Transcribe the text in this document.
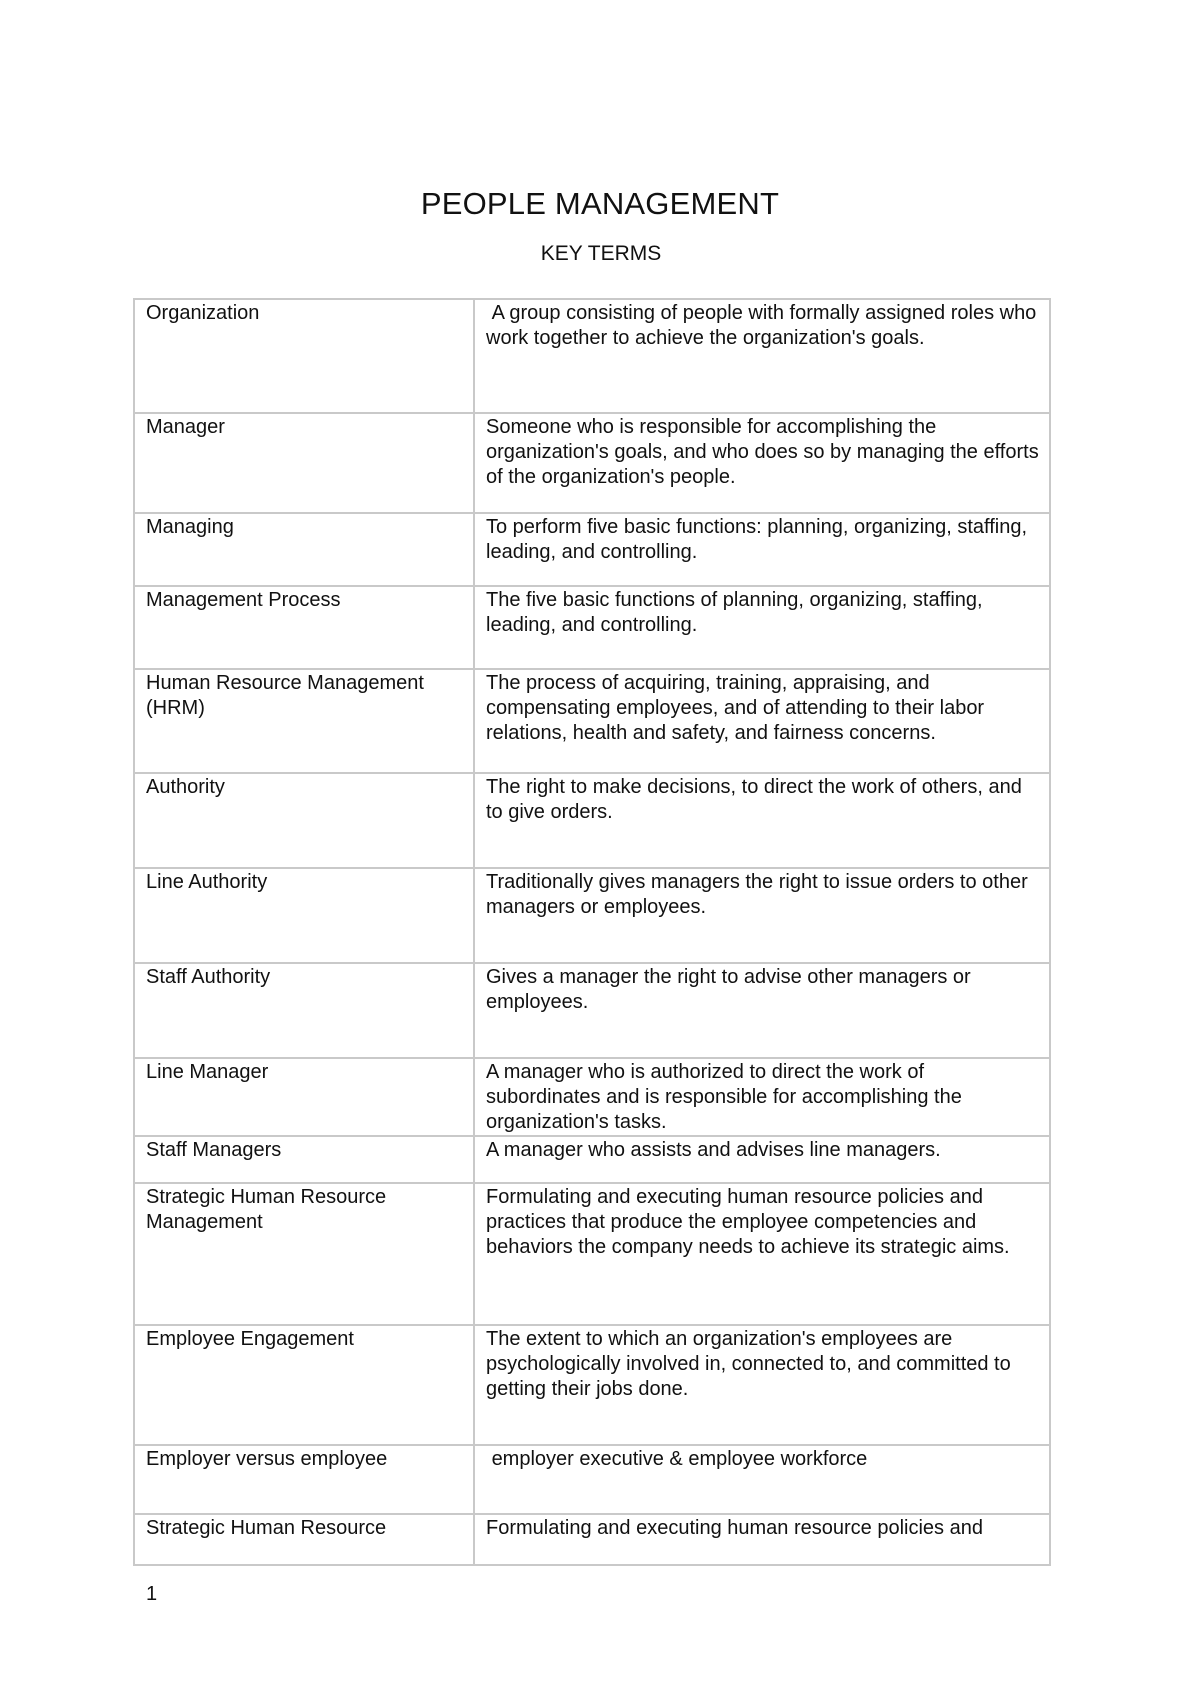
PEOPLE MANAGEMENT
KEY TERMS
Organization	A group consisting of people with formally assigned roles who work together to achieve the organization's goals.
Manager	Someone who is responsible for accomplishing the organization's goals, and who does so by managing the efforts of the organization's people.
Managing	To perform five basic functions: planning, organizing, staffing, leading, and controlling.
Management Process	The five basic functions of planning, organizing, staffing, leading, and controlling.
Human Resource Management (HRM)	The process of acquiring, training, appraising, and compensating employees, and of attending to their labor relations, health and safety, and fairness concerns.
Authority	The right to make decisions, to direct the work of others, and to give orders.
Line Authority	Traditionally gives managers the right to issue orders to other managers or employees.
Staff Authority	Gives a manager the right to advise other managers or employees.
Line Manager	A manager who is authorized to direct the work of subordinates and is responsible for accomplishing the organization's tasks.
Staff Managers	A manager who assists and advises line managers.
Strategic Human Resource Management	Formulating and executing human resource policies and practices that produce the employee competencies and behaviors the company needs to achieve its strategic aims.
Employee Engagement	The extent to which an organization's employees are psychologically involved in, connected to, and committed to getting their jobs done.
Employer versus employee	employer executive & employee workforce
Strategic Human Resource	Formulating and executing human resource policies and
1
